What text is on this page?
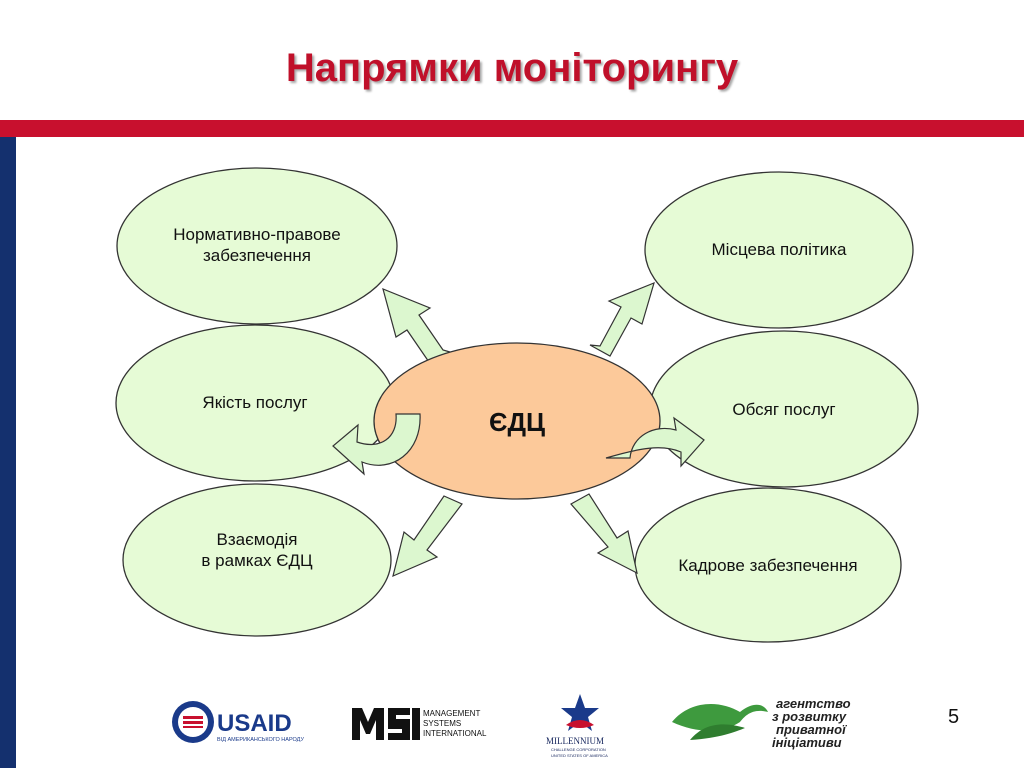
Напрямки моніторингу
USAID
ВІД АМЕРИКАНСЬКОГО НАРОДУ
MANAGEMENT
SYSTEMS
INTERNATIONAL
MILLENNIUM
CHALLENGE CORPORATION
UNITED STATES OF AMERICA
агентство
з розвитку
приватної
ініціативи
Нормативно-правове
забезпечення
Якість послуг
Взаємодія
в рамках ЄДЦ
Місцева політика
Обсяг послуг
Кадрове забезпечення
ЄДЦ
5
